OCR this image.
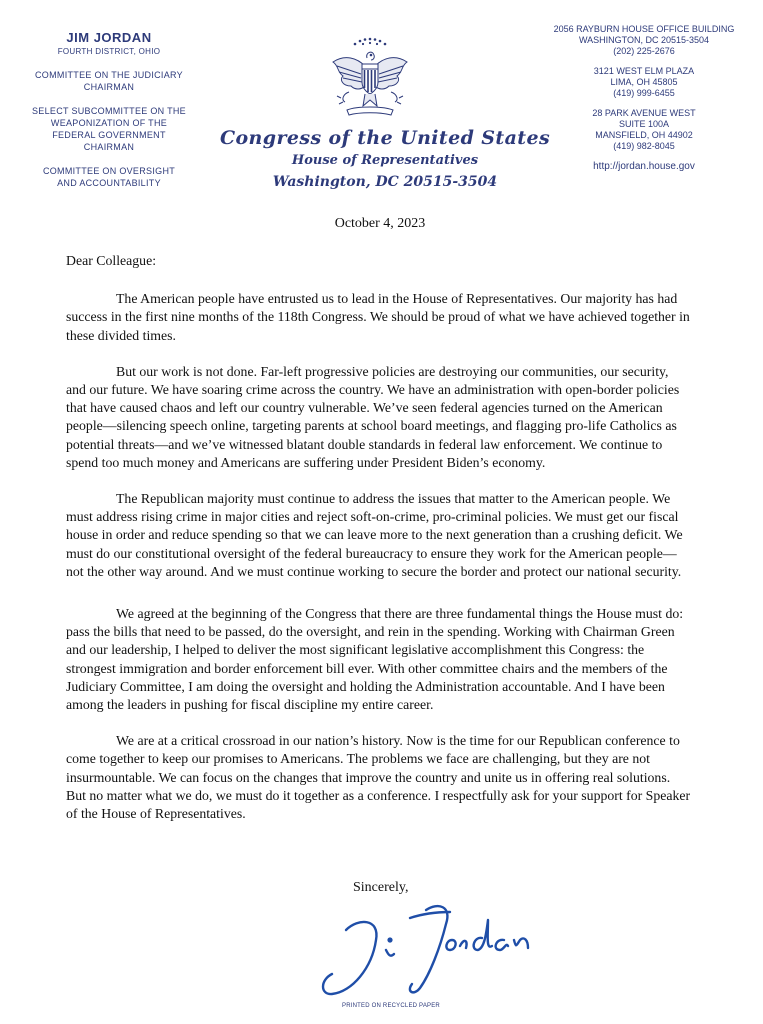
JIM JORDAN
FOURTH DISTRICT, OHIO
COMMITTEE ON THE JUDICIARY
CHAIRMAN
SELECT SUBCOMMITTEE ON THE
WEAPONIZATION OF THE
FEDERAL GOVERNMENT
CHAIRMAN
COMMITTEE ON OVERSIGHT
AND ACCOUNTABILITY
Congress of the United States
House of Representatives
Washington, DC 20515-3504
2056 RAYBURN HOUSE OFFICE BUILDING
WASHINGTON, DC 20515-3504
(202) 225-2676
3121 WEST ELM PLAZA
LIMA, OH 45805
(419) 999-6455
28 PARK AVENUE WEST
SUITE 100A
MANSFIELD, OH 44902
(419) 982-8045
http://jordan.house.gov
October 4, 2023
Dear Colleague:

The American people have entrusted us to lead in the House of Representatives. Our majority has had success in the first nine months of the 118th Congress. We should be proud of what we have achieved together in these divided times.

But our work is not done. Far-left progressive policies are destroying our communities, our security, and our future. We have soaring crime across the country. We have an administration with open-border policies that have caused chaos and left our country vulnerable. We’ve seen federal agencies turned on the American people—silencing speech online, targeting parents at school board meetings, and flagging pro-life Catholics as potential threats—and we’ve witnessed blatant double standards in federal law enforcement. We continue to spend too much money and Americans are suffering under President Biden’s economy.

The Republican majority must continue to address the issues that matter to the American people. We must address rising crime in major cities and reject soft-on-crime, pro-criminal policies. We must get our fiscal house in order and reduce spending so that we can leave more to the next generation than a crushing deficit. We must do our constitutional oversight of the federal bureaucracy to ensure they work for the American people—not the other way around. And we must continue working to secure the border and protect our national security.

We agreed at the beginning of the Congress that there are three fundamental things the House must do: pass the bills that need to be passed, do the oversight, and rein in the spending. Working with Chairman Green and our leadership, I helped to deliver the most significant legislative accomplishment this Congress: the strongest immigration and border enforcement bill ever. With other committee chairs and the members of the Judiciary Committee, I am doing the oversight and holding the Administration accountable. And I have been among the leaders in pushing for fiscal discipline my entire career.

We are at a critical crossroad in our nation’s history. Now is the time for our Republican conference to come together to keep our promises to Americans. The problems we face are challenging, but they are not insurmountable. We can focus on the changes that improve the country and unite us in offering real solutions. But no matter what we do, we must do it together as a conference. I respectfully ask for your support for Speaker of the House of Representatives.

Sincerely,
PRINTED ON RECYCLED PAPER
